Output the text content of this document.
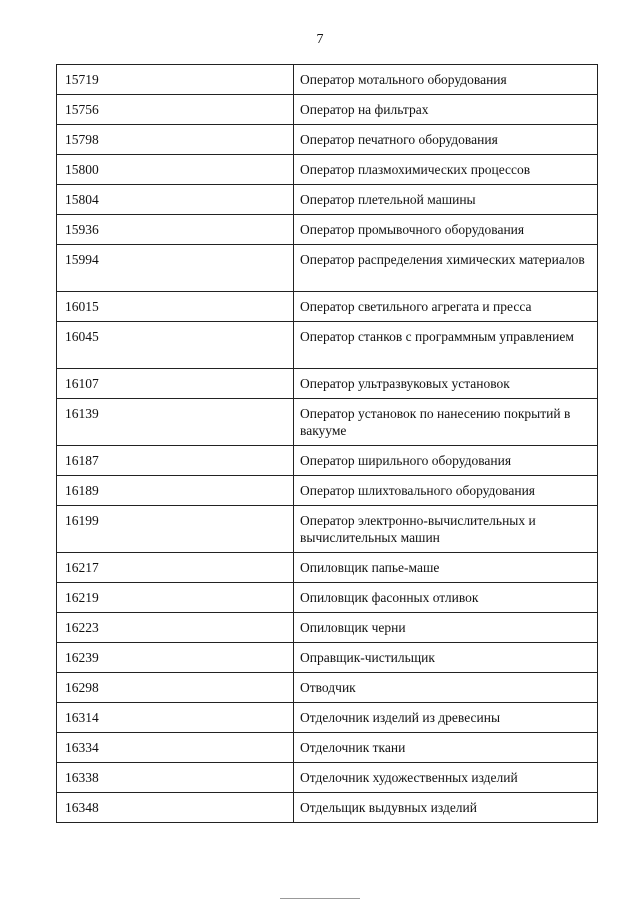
7
15719	Оператор мотального оборудования
15756	Оператор на фильтрах
15798	Оператор печатного оборудования
15800	Оператор плазмохимических процессов
15804	Оператор плетельной машины
15936	Оператор промывочного оборудования
15994	Оператор распределения химических материалов
16015	Оператор светильного агрегата и пресса
16045	Оператор станков с программным управлением
16107	Оператор ультразвуковых установок
16139	Оператор установок по нанесению покрытий в вакууме
16187	Оператор ширильного оборудования
16189	Оператор шлихтовального оборудования
16199	Оператор электронно-вычислительных и вычислительных машин
16217	Опиловщик папье-маше
16219	Опиловщик фасонных отливок
16223	Опиловщик черни
16239	Оправщик-чистильщик
16298	Отводчик
16314	Отделочник изделий из древесины
16334	Отделочник ткани
16338	Отделочник художественных изделий
16348	Отдельщик выдувных изделий
